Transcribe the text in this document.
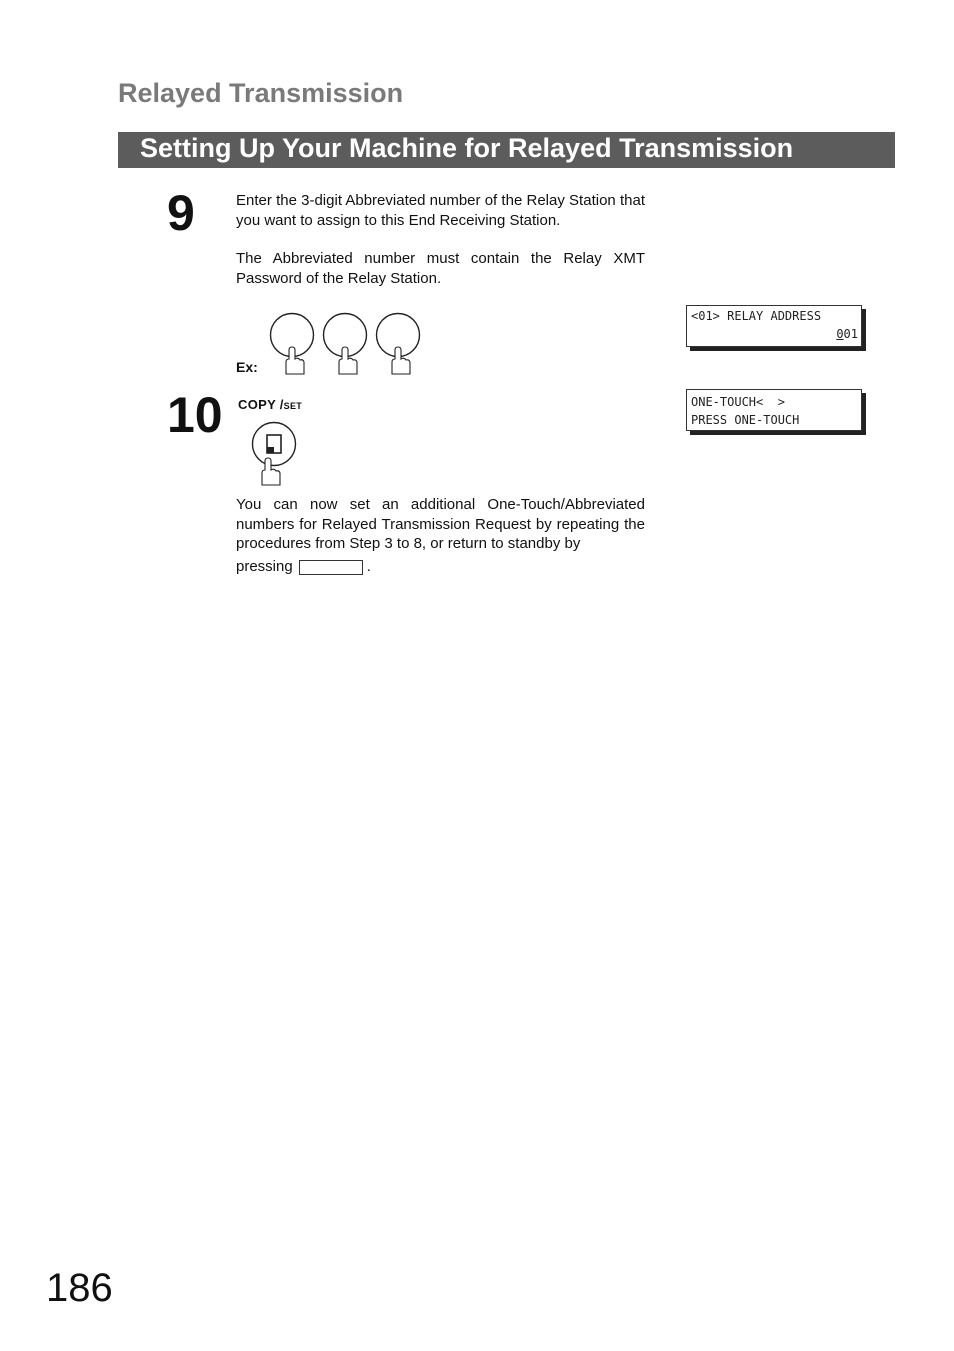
Relayed Transmission
Setting Up Your Machine for Relayed Transmission
9	Enter the 3-digit Abbreviated number of the Relay Station that you want to assign to this End Receiving Station.
The Abbreviated number must contain the Relay XMT Password of the Relay Station.
Ex:
<01> RELAY ADDRESS
001
10 COPY /SET	ONE-TOUCH<  >
PRESS ONE-TOUCH
You can now set an additional One-Touch/Abbreviated numbers for Relayed Transmission Request by repeating the procedures from Step 3 to 8, or return to standby by
pressing	.
186
